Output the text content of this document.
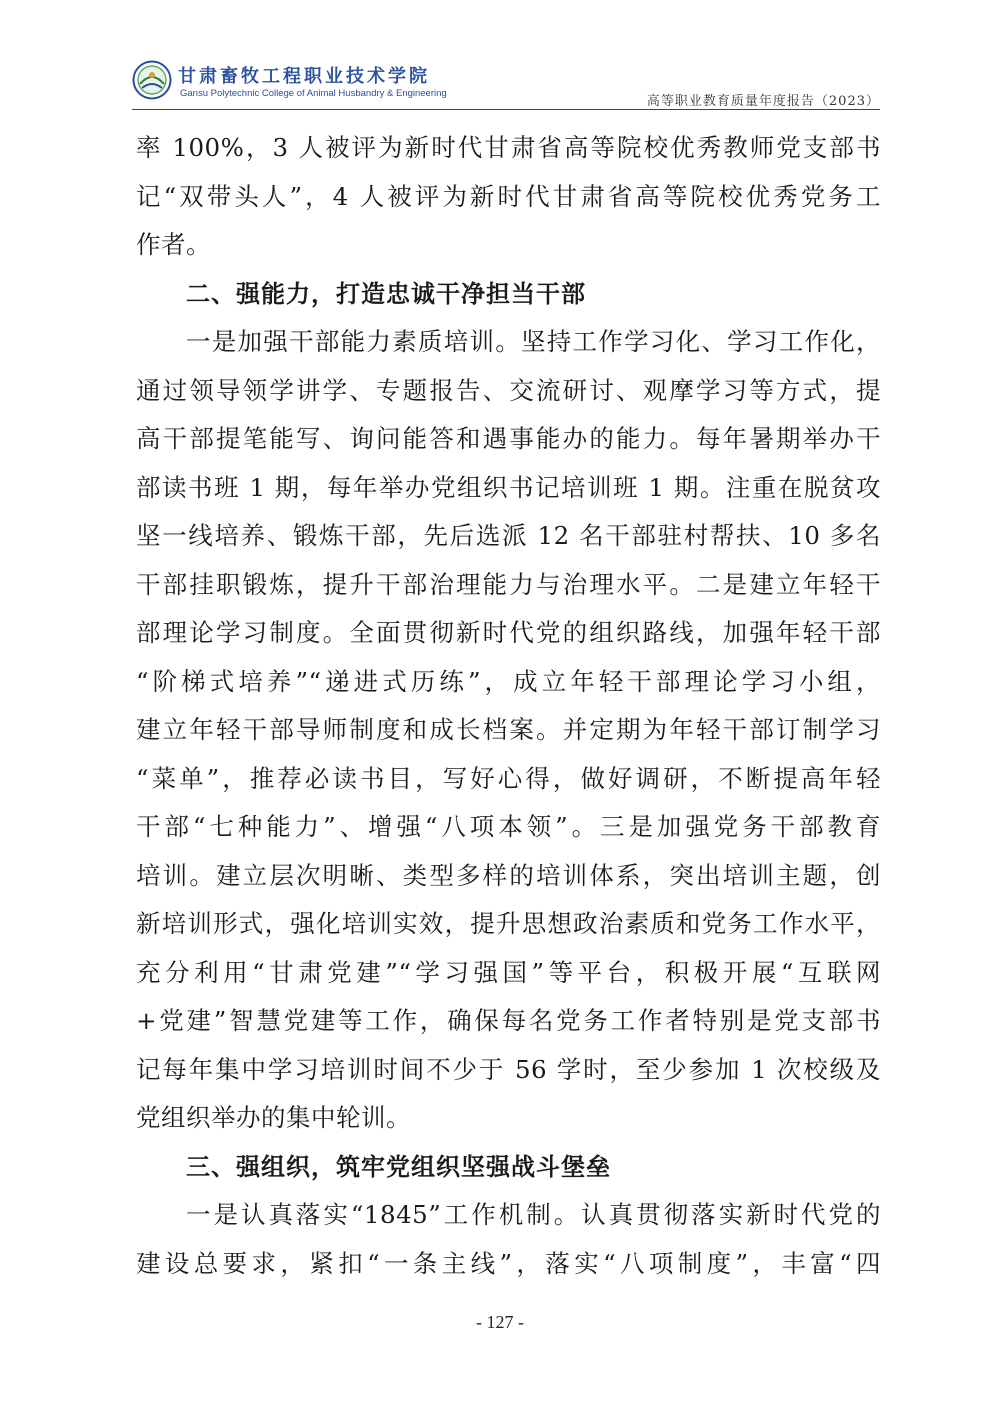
甘肃畜牧工程职业技术学院
Gansu Polytechnic College of Animal Husbandry & Engineering
高等职业教育质量年度报告（2023）
率 100%，3 人被评为新时代甘肃省高等院校优秀教师党支部书
记“双带头人”，4 人被评为新时代甘肃省高等院校优秀党务工
作者。
二、强能力，打造忠诚干净担当干部
一是加强干部能力素质培训。坚持工作学习化、学习工作化，
通过领导领学讲学、专题报告、交流研讨、观摩学习等方式，提
高干部提笔能写、询问能答和遇事能办的能力。每年暑期举办干
部读书班 1 期，每年举办党组织书记培训班 1 期。注重在脱贫攻
坚一线培养、锻炼干部，先后选派 12 名干部驻村帮扶、10 多名
干部挂职锻炼，提升干部治理能力与治理水平。二是建立年轻干
部理论学习制度。全面贯彻新时代党的组织路线，加强年轻干部
“阶梯式培养”“递进式历练”，成立年轻干部理论学习小组，
建立年轻干部导师制度和成长档案。并定期为年轻干部订制学习
“菜单”，推荐必读书目，写好心得，做好调研，不断提高年轻
干部“七种能力”、增强“八项本领”。三是加强党务干部教育
培训。建立层次明晰、类型多样的培训体系，突出培训主题，创
新培训形式，强化培训实效，提升思想政治素质和党务工作水平，
充分利用“甘肃党建”“学习强国”等平台，积极开展“互联网
+党建”智慧党建等工作，确保每名党务工作者特别是党支部书
记每年集中学习培训时间不少于 56 学时，至少参加 1 次校级及
党组织举办的集中轮训。
三、强组织，筑牢党组织坚强战斗堡垒
一是认真落实“1845”工作机制。认真贯彻落实新时代党的
建设总要求，紧扣“一条主线”，落实“八项制度”，丰富“四
- 127 -
